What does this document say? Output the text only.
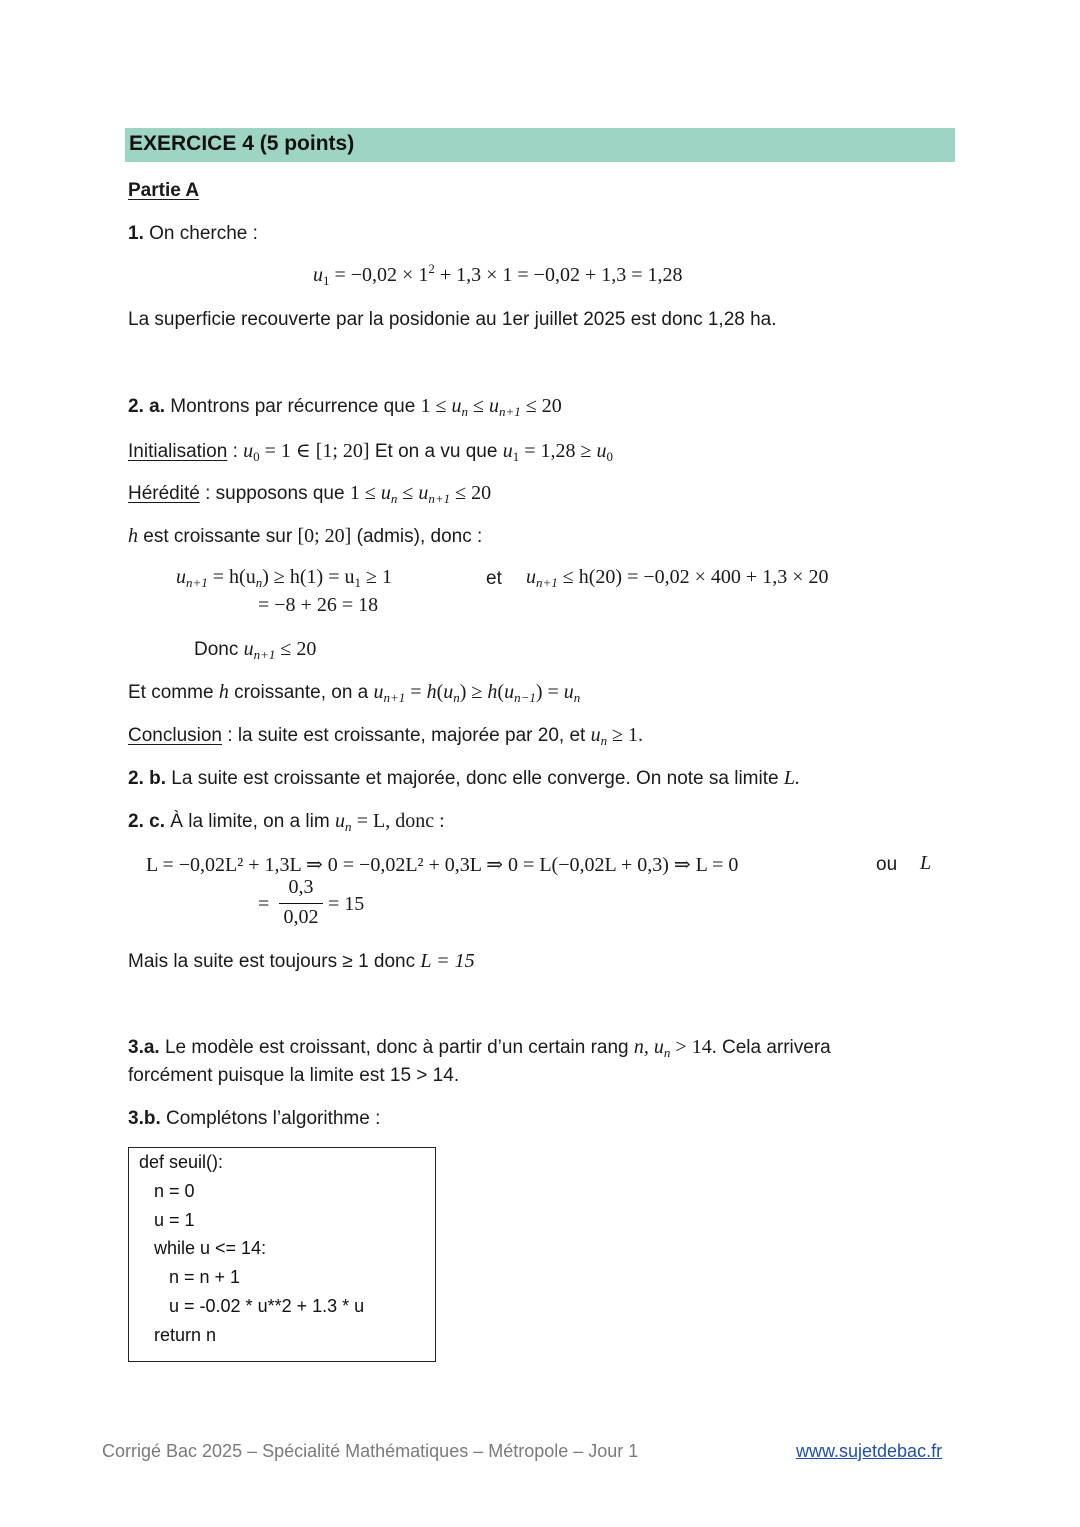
EXERCICE 4 (5 points)
Partie A
1. On cherche :
$u_1 = -0,02 \times 1^2 + 1,3 \times 1 = -0,02 + 1,3 = 1,28$
La superficie recouverte par la posidonie au 1er juillet 2025 est donc 1,28 ha.
2. a. Montrons par récurrence que $1 \le u_n \le u_{n+1} \le 20$
Initialisation : $u_0 = 1$ ∈ [1; 20] Et on a vu que $u_1 = 1,28 \ge u_0$
Hérédité : supposons que $1 \le u_n \le u_{n+1} \le 20$
h est croissante sur [0; 20] (admis), donc :
$u_{n+1} = h(u_n) \ge h(1) = u_1 \ge 1$	et $u_{n+1} \le h(20) = -0,02 \times 400 + 1,3 \times 20$
= −8 + 26 = 18
Donc $u_{n+1} \le 20$
Et comme h croissante, on a $u_{n+1} = h(u_n) \ge h(u_{n-1}) = u_n$
Conclusion : la suite est croissante, majorée par 20, et $u_n \ge 1$.
2. b. La suite est croissante et majorée, donc elle converge. On note sa limite L.
2. c. À la limite, on a $\lim u_n = L$, donc :
L = −0,02L² + 1,3L ⇒ 0 = −0,02L² + 0,3L ⇒ 0 = L(−0,02L + 0,3) ⇒ L = 0	ou L
=
0,3
0,02
= 15
Mais la suite est toujours ≥ 1 donc L = 15
3.a. Le modèle est croissant, donc à partir d’un certain rang n, $u_n > 14$. Cela arrivera
forcément puisque la limite est 15 > 14.
3.b. Complétons l’algorithme :
def seuil():
n = 0
u = 1
while u <= 14:
n = n + 1
u = -0.02 * u**2 + 1.3 * u
return n
Corrigé Bac 2025 – Spécialité Mathématiques – Métropole – Jour 1	www.sujetdebac.fr
